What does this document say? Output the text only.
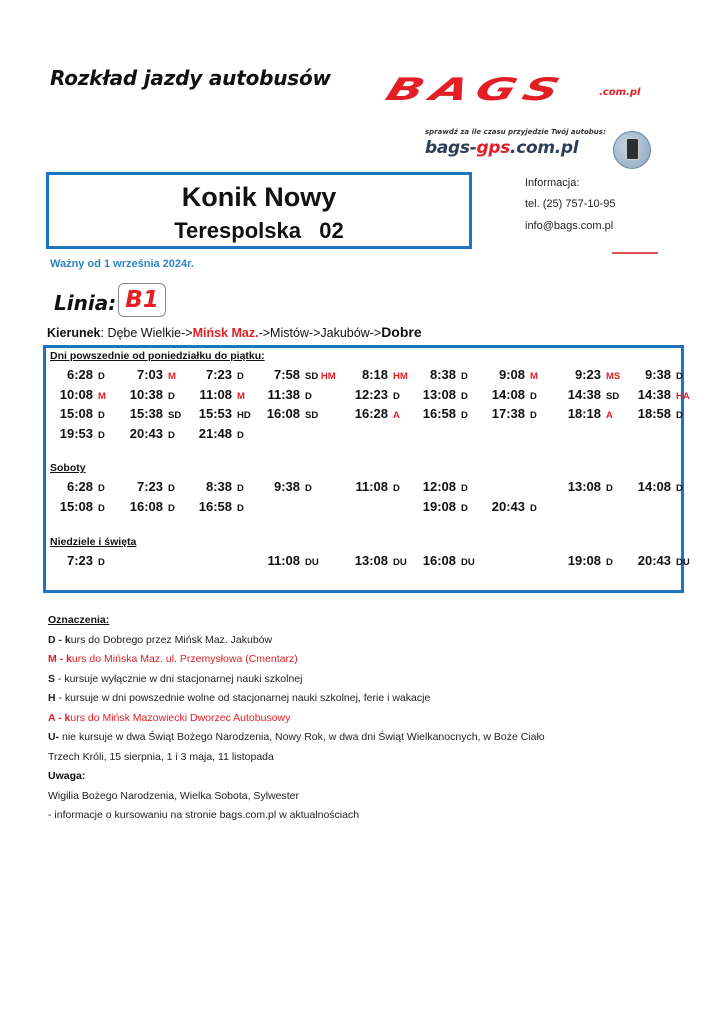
Rozkład jazdy autobusów BAGS	.com.pl
sprawdź za ile czasu przyjedzie Twój autobus:
bags-gps.com.pl
Konik Nowy
Terespolska   02
Ważny od 1 września 2024r.
Informacja:
tel. (25) 757-10-95
info@bags.com.pl
Linia: B1
Kierunek: Dębe Wielkie->Mińsk Maz.->Mistów->Jakubów->Dobre
Dni powszednie od poniedziałku do piątku:
6:28 D	7:03 M	7:23 D	7:58 SD HM	8:18 HM	8:38 D	9:08 M	9:23 MS	9:38 D
10:08 M	10:38 D	11:08 M	11:38 D	12:23 D	13:08 D	14:08 D	14:38 SD	14:38 HA
15:08 D	15:38 SD	15:53 HD	16:08 SD	16:28 A	16:58 D	17:38 D	18:18 A	18:58 D
19:53 D	20:43 D	21:48 D
Soboty
6:28 D	7:23 D	8:38 D	9:38 D	11:08 D	12:08 D	13:08 D	14:08 D
15:08 D	16:08 D	16:58 D	19:08 D	20:43 D
Niedziele i święta
7:23 D	11:08 DU	13:08 DU	16:08 DU	19:08 D	20:43 DU
Oznaczenia:
D - kurs do Dobrego przez Mińsk Maz. Jakubów
M - kurs do Mińska Maz. ul. Przemysłowa (Cmentarz)
S - kursuje wyłącznie w dni stacjonarnej nauki szkolnej
H - kursuje w dni powszednie wolne od stacjonarnej nauki szkolnej, ferie i wakacje
A - kurs do Mińsk Mazowiecki Dworzec Autobusowy
U- nie kursuje w dwa Świąt Bożego Narodzenia, Nowy Rok, w dwa dni Świąt Wielkanocnych, w Boże Ciało
Trzech Króli, 15 sierpnia, 1 i 3 maja, 11 listopada
Uwaga:
Wigilia Bożego Narodzenia, Wielka Sobota, Sylwester
- informacje o kursowaniu na stronie bags.com.pl w aktualnościach
